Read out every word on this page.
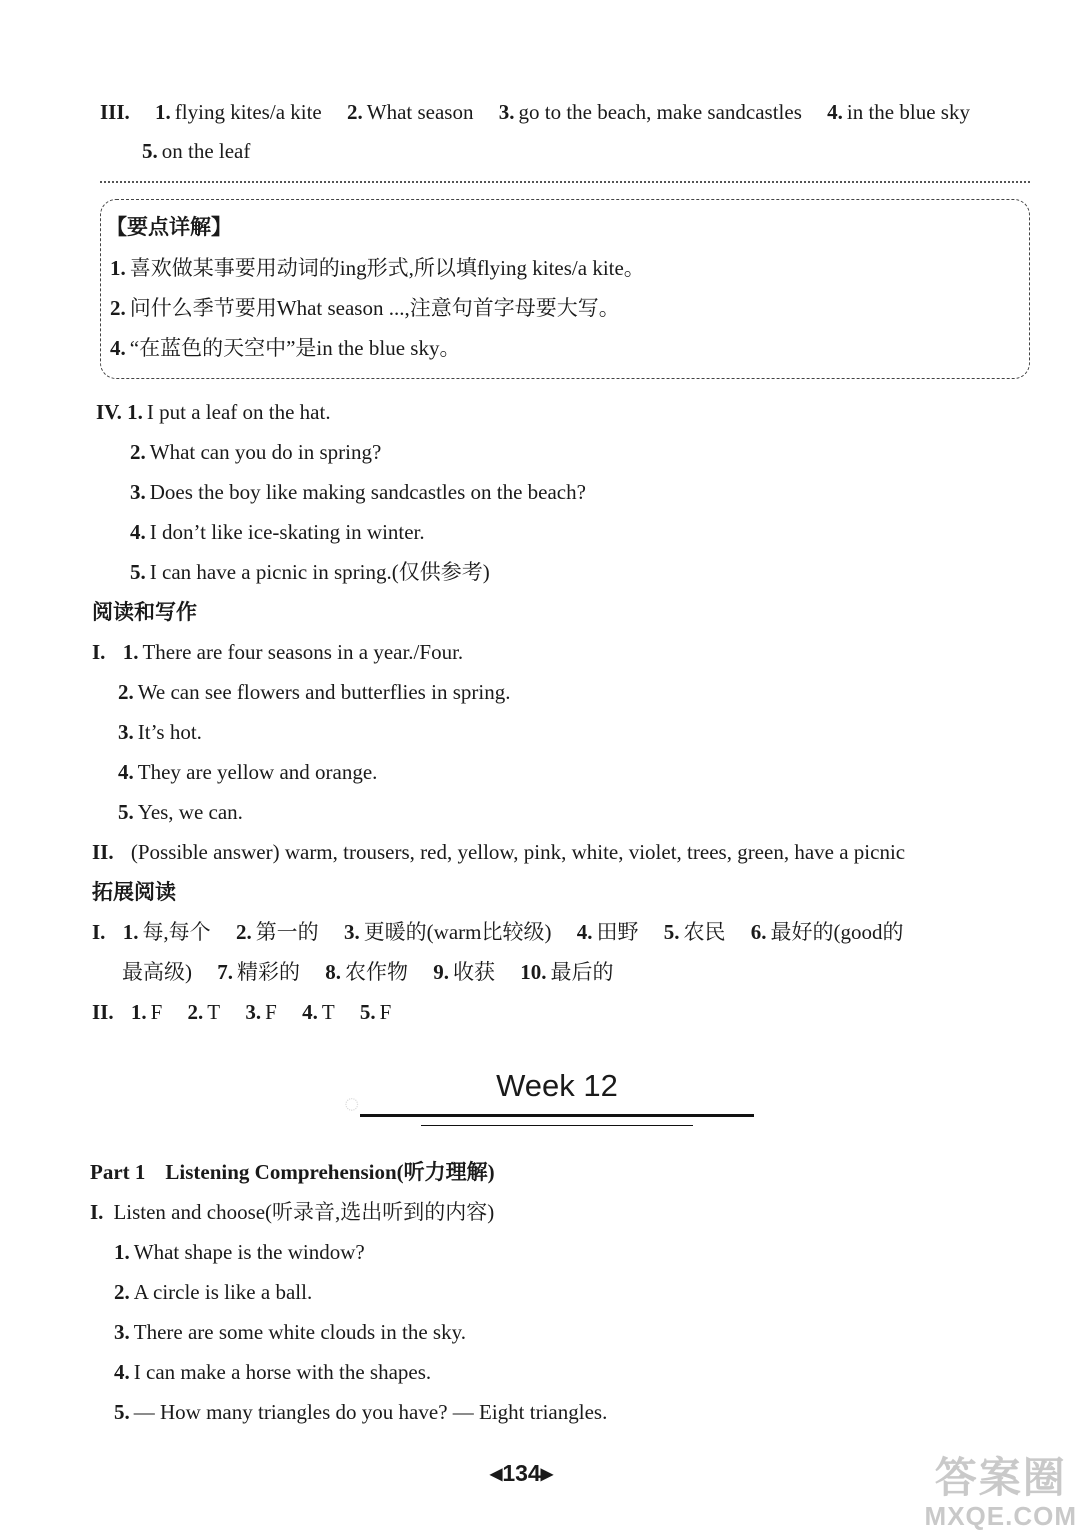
III. 1. flying kites/a kite 2. What season 3. go to the beach, make sandcastles 4. in the blue sky
5. on the leaf
【要点详解】
1. 喜欢做某事要用动词的ing形式,所以填flying kites/a kite。
2. 问什么季节要用What season ...,注意句首字母要大写。
4. “在蓝色的天空中”是in the blue sky。
IV. 1. I put a leaf on the hat.
2. What can you do in spring?
3. Does the boy like making sandcastles on the beach?
4. I don’t like ice-skating in winter.
5. I can have a picnic in spring.(仅供参考)
阅读和写作
I. 1. There are four seasons in a year./Four.
2. We can see flowers and butterflies in spring.
3. It’s hot.
4. They are yellow and orange.
5. Yes, we can.
II. (Possible answer) warm, trousers, red, yellow, pink, white, violet, trees, green, have a picnic
拓展阅读
I. 1. 每,每个 2. 第一的 3. 更暖的(warm比较级) 4. 田野 5. 农民 6. 最好的(good的
最高级) 7. 精彩的 8. 农作物 9. 收获 10. 最后的
II. 1. F 2. T 3. F 4. T 5. F
◌	Week 12
Part 1 Listening Comprehension(听力理解)
I. Listen and choose(听录音,选出听到的内容)
1. What shape is the window?
2. A circle is like a ball.
3. There are some white clouds in the sky.
4. I can make a horse with the shapes.
5. — How many triangles do you have? — Eight triangles.
◀134▶	答案圈
MXQE.COM
